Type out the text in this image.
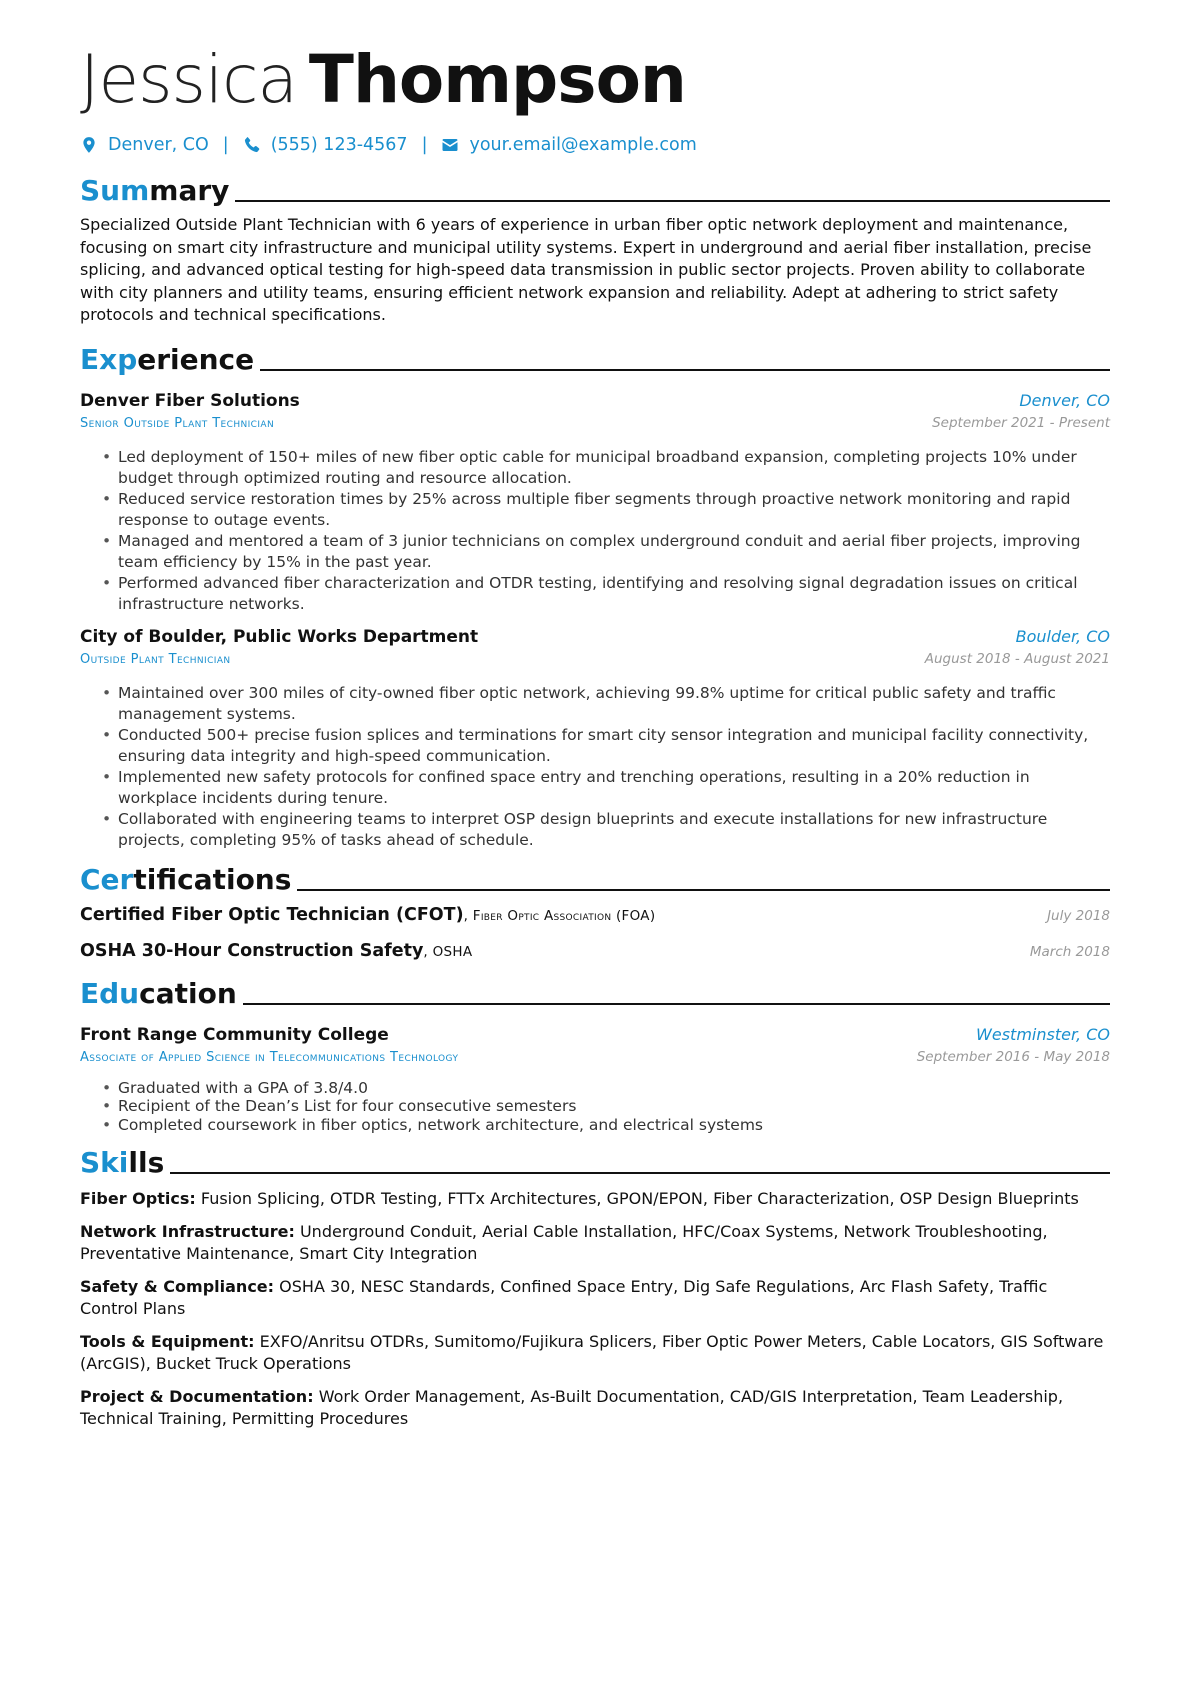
Jessica Thompson
Denver, CO | (555) 123-4567 | your.email@example.com
Summary

Specialized Outside Plant Technician with 6 years of experience in urban fiber optic network deployment and maintenance, focusing on smart city infrastructure and municipal utility systems. Expert in underground and aerial fiber installation, precise splicing, and advanced optical testing for high-speed data transmission in public sector projects. Proven ability to collaborate with city planners and utility teams, ensuring efficient network expansion and reliability. Adept at adhering to strict safety protocols and technical specifications.

Experience
Denver Fiber Solutions	Denver, CO
Senior Outside Plant Technician	September 2021 - Present
• Led deployment of 150+ miles of new fiber optic cable for municipal broadband expansion, completing projects 10% under budget through optimized routing and resource allocation.
• Reduced service restoration times by 25% across multiple fiber segments through proactive network monitoring and rapid response to outage events.
• Managed and mentored a team of 3 junior technicians on complex underground conduit and aerial fiber projects, improving team efficiency by 15% in the past year.
• Performed advanced fiber characterization and OTDR testing, identifying and resolving signal degradation issues on critical infrastructure networks.
City of Boulder, Public Works Department	Boulder, CO
Outside Plant Technician	August 2018 - August 2021
• Maintained over 300 miles of city-owned fiber optic network, achieving 99.8% uptime for critical public safety and traffic management systems.
• Conducted 500+ precise fusion splices and terminations for smart city sensor integration and municipal facility connectivity, ensuring data integrity and high-speed communication.
• Implemented new safety protocols for confined space entry and trenching operations, resulting in a 20% reduction in workplace incidents during tenure.
• Collaborated with engineering teams to interpret OSP design blueprints and execute installations for new infrastructure projects, completing 95% of tasks ahead of schedule.
Certifications
Certified Fiber Optic Technician (CFOT), Fiber Optic Association (FOA)	July 2018
OSHA 30-Hour Construction Safety, OSHA	March 2018
Education
Front Range Community College	Westminster, CO
Associate of Applied Science in Telecommunications Technology	September 2016 - May 2018
• Graduated with a GPA of 3.8/4.0
• Recipient of the Dean’s List for four consecutive semesters
• Completed coursework in fiber optics, network architecture, and electrical systems
Skills
Fiber Optics: Fusion Splicing, OTDR Testing, FTTx Architectures, GPON/EPON, Fiber Characterization, OSP Design Blueprints
Network Infrastructure: Underground Conduit, Aerial Cable Installation, HFC/Coax Systems, Network Troubleshooting, Preventative Maintenance, Smart City Integration
Safety & Compliance: OSHA 30, NESC Standards, Confined Space Entry, Dig Safe Regulations, Arc Flash Safety, Traffic Control Plans
Tools & Equipment: EXFO/Anritsu OTDRs, Sumitomo/Fujikura Splicers, Fiber Optic Power Meters, Cable Locators, GIS Software (ArcGIS), Bucket Truck Operations
Project & Documentation: Work Order Management, As-Built Documentation, CAD/GIS Interpretation, Team Leadership, Technical Training, Permitting Procedures
